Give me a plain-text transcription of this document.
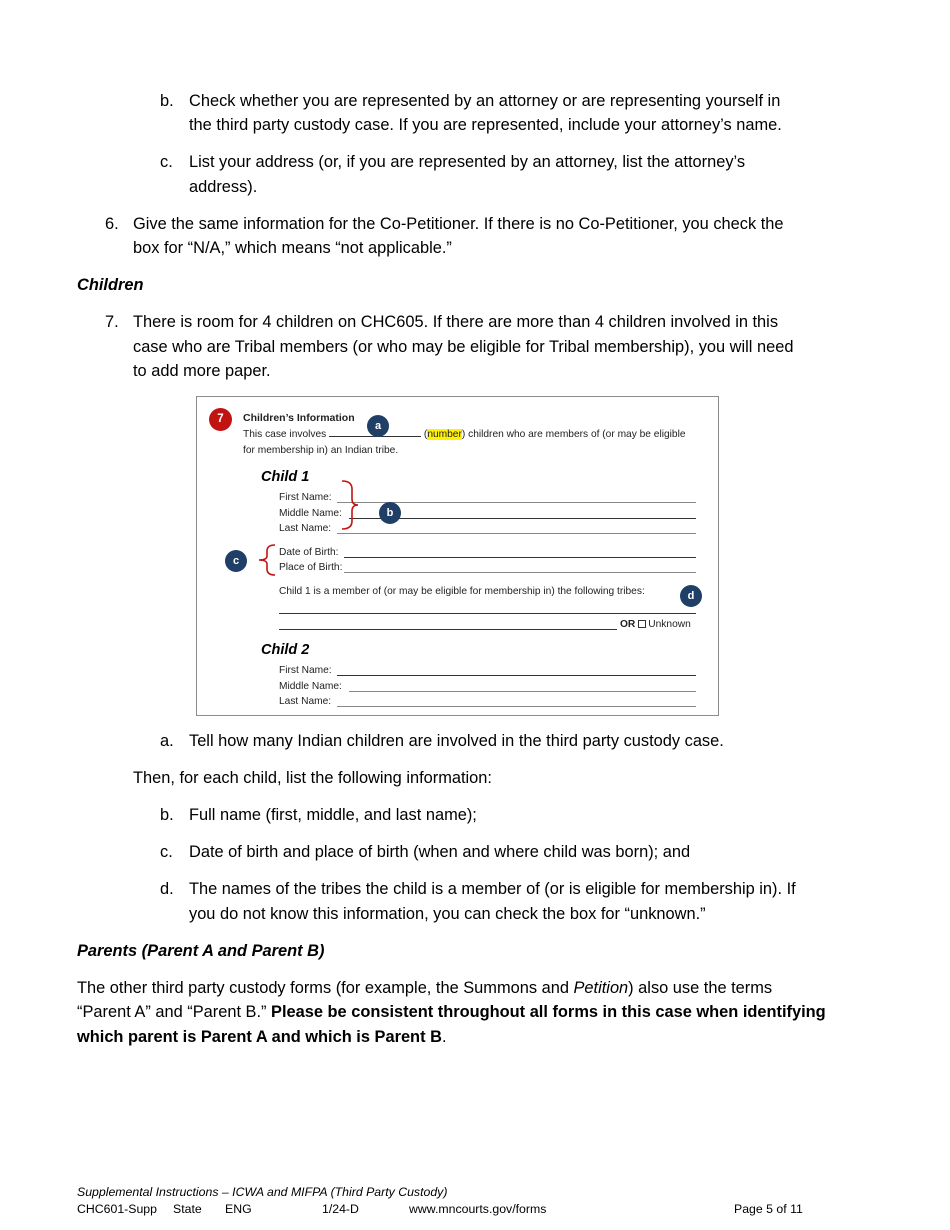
b. Check whether you are represented by an attorney or are representing yourself in
the third party custody case. If you are represented, include your attorney’s name.
c. List your address (or, if you are represented by an attorney, list the attorney’s
address).
6. Give the same information for the Co-Petitioner. If there is no Co-Petitioner, you check the
box for “N/A,” which means “not applicable.”
Children
7. There is room for 4 children on CHC605. If there are more than 4 children involved in this
case who are Tribal members (or who may be eligible for Tribal membership), you will need
to add more paper.
7	Children’s Information
This case involves	(number) children who are members of (or may be eligible
for membership in) an Indian tribe.
a
Child 1
First Name:
Middle Name:
Last Name:
b
Date of Birth:
Place of Birth:
c
Child 1 is a member of (or may be eligible for membership in) the following tribes:	d
OR Unknown
Child 2
First Name:
Middle Name:
Last Name:
a. Tell how many Indian children are involved in the third party custody case.
Then, for each child, list the following information:
b. Full name (first, middle, and last name);
c. Date of birth and place of birth (when and where child was born); and
d. The names of the tribes the child is a member of (or is eligible for membership in). If
you do not know this information, you can check the box for “unknown.”
Parents (Parent A and Parent B)
The other third party custody forms (for example, the Summons and Petition) also use the terms
“Parent A” and “Parent B.” Please be consistent throughout all forms in this case when identifying
which parent is Parent A and which is Parent B.
Supplemental Instructions – ICWA and MIFPA (Third Party Custody)
CHC601-Supp State ENG	1/24-D	www.mncourts.gov/forms	Page 5 of 11
